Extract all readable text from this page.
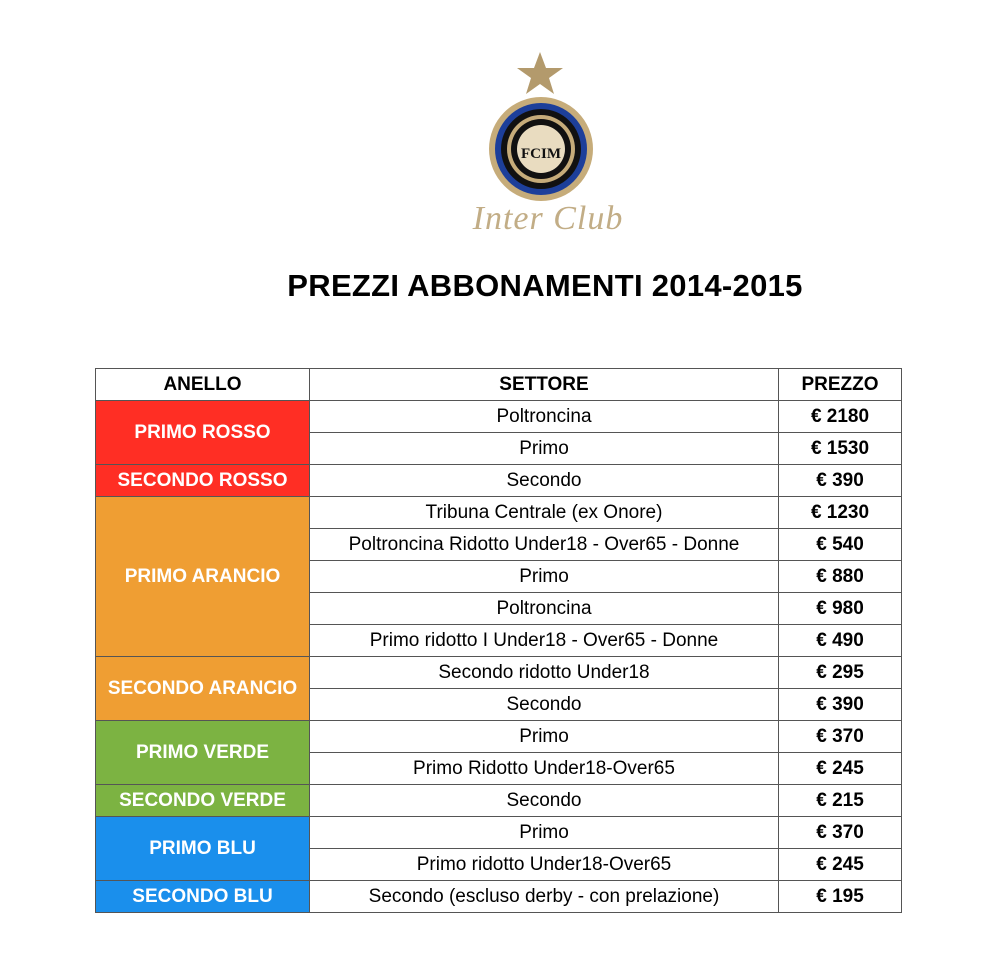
FCIM
Inter Club
PREZZI ABBONAMENTI 2014-2015
ANELLO	SETTORE	PREZZO
PRIMO ROSSO	Poltroncina	€ 2180
	Primo	€ 1530
SECONDO ROSSO	Secondo	€ 390
PRIMO ARANCIO	Tribuna Centrale (ex Onore)	€ 1230
	Poltroncina Ridotto Under18 - Over65 - Donne	€ 540
	Primo	€ 880
	Poltroncina	€ 980
	Primo ridotto I Under18 - Over65 - Donne	€ 490
SECONDO ARANCIO	Secondo ridotto Under18	€ 295
	Secondo	€ 390
PRIMO VERDE	Primo	€ 370
	Primo Ridotto Under18-Over65	€ 245
SECONDO VERDE	Secondo	€ 215
PRIMO BLU	Primo	€ 370
	Primo ridotto Under18-Over65	€ 245
SECONDO BLU	Secondo (escluso derby - con prelazione)	€ 195
